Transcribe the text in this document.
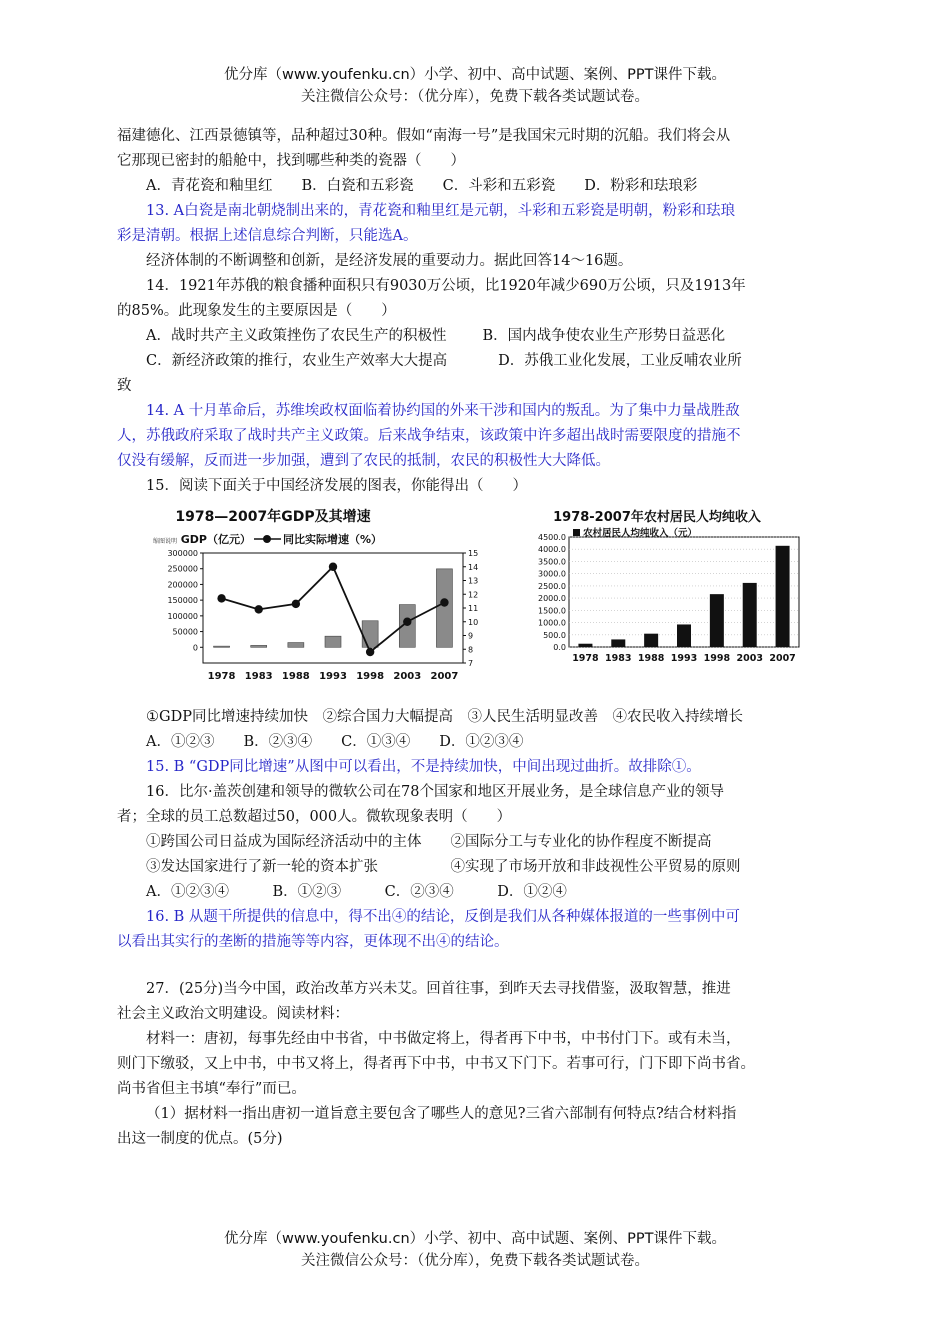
优分库（www.youfenku.cn）小学、初中、高中试题、案例、PPT课件下载。
关注微信公众号：（优分库），免费下载各类试题试卷。

福建德化、江西景德镇等，品种超过30种。假如“南海一号”是我国宋元时期的沉船。我们将会从

它那现已密封的船舱中，找到哪些种类的瓷器（　　）

A．青花瓷和釉里红　　B．白瓷和五彩瓷　　C．斗彩和五彩瓷　　D．粉彩和珐琅彩

13. A白瓷是南北朝烧制出来的，青花瓷和釉里红是元朝，斗彩和五彩瓷是明朝，粉彩和珐琅

彩是清朝。根据上述信息综合判断，只能选A。

经济体制的不断调整和创新，是经济发展的重要动力。据此回答14～16题。

14．1921年苏俄的粮食播种面积只有9030万公顷，比1920年减少690万公顷，只及1913年

的85%。此现象发生的主要原因是（　　）

A．战时共产主义政策挫伤了农民生产的积极性 B．国内战争使农业生产形势日益恶化

C．新经济政策的推行，农业生产效率大大提高	D．苏俄工业化发展，工业反哺农业所

致

14. A 十月革命后，苏维埃政权面临着协约国的外来干涉和国内的叛乱。为了集中力量战胜敌

人，苏俄政府采取了战时共产主义政策。后来战争结束，该政策中许多超出战时需要限度的措施不

仅没有缓解，反而进一步加强，遭到了农民的抵制，农民的积极性大大降低。

15．阅读下面关于中国经济发展的图表，你能得出（　　）

1978—2007年GDP及其增速
缩图说明 GDP（亿元）	同比实际增速（%）
300000
250000
200000
150000
100000
50000
0
15
14
13
12
11
10
9
8
7
1978 1983 1988 1993 1998 2003 2007
1978-2007年农村居民人均纯收入
农村居民人均纯收入（元）
4500.0
4000.0
3500.0
3000.0
2500.0
2000.0
1500.0
1000.0
500.0
0.0
1978 1983 1988 1993 1998 2003 2007

①GDP同比增速持续加快　②综合国力大幅提高　③人民生活明显改善　④农民收入持续增长

A．①②③　　B．②③④　　C．①③④　　D．①②③④

15. B “GDP同比增速”从图中可以看出，不是持续加快，中间出现过曲折。故排除①。

16．比尔·盖茨创建和领导的微软公司在78个国家和地区开展业务，是全球信息产业的领导

者；全球的员工总数超过50，000人。微软现象表明（　　）

①跨国公司日益成为国际经济活动中的主体　　②国际分工与专业化的协作程度不断提高

③发达国家进行了新一轮的资本扩张　　　　　④实现了市场开放和非歧视性公平贸易的原则

A．①②③④　　　B．①②③　　　C．②③④　　　D．①②④

16. B 从题干所提供的信息中，得不出④的结论，反倒是我们从各种媒体报道的一些事例中可

以看出其实行的垄断的措施等等内容，更体现不出④的结论。

27．(25分)当今中国，政治改革方兴未艾。回首往事，到昨天去寻找借鉴，汲取智慧，推进

社会主义政治文明建设。阅读材料：

材料一：唐初，每事先经由中书省，中书做定将上，得者再下中书，中书付门下。或有未当，

则门下缴驳，又上中书，中书又将上，得者再下中书，中书又下门下。若事可行，门下即下尚书省。

尚书省但主书填“奉行”而已。

（1）据材料一指出唐初一道旨意主要包含了哪些人的意见?三省六部制有何特点?结合材料指

出这一制度的优点。(5分)

优分库（www.youfenku.cn）小学、初中、高中试题、案例、PPT课件下载。
关注微信公众号：（优分库），免费下载各类试题试卷。
